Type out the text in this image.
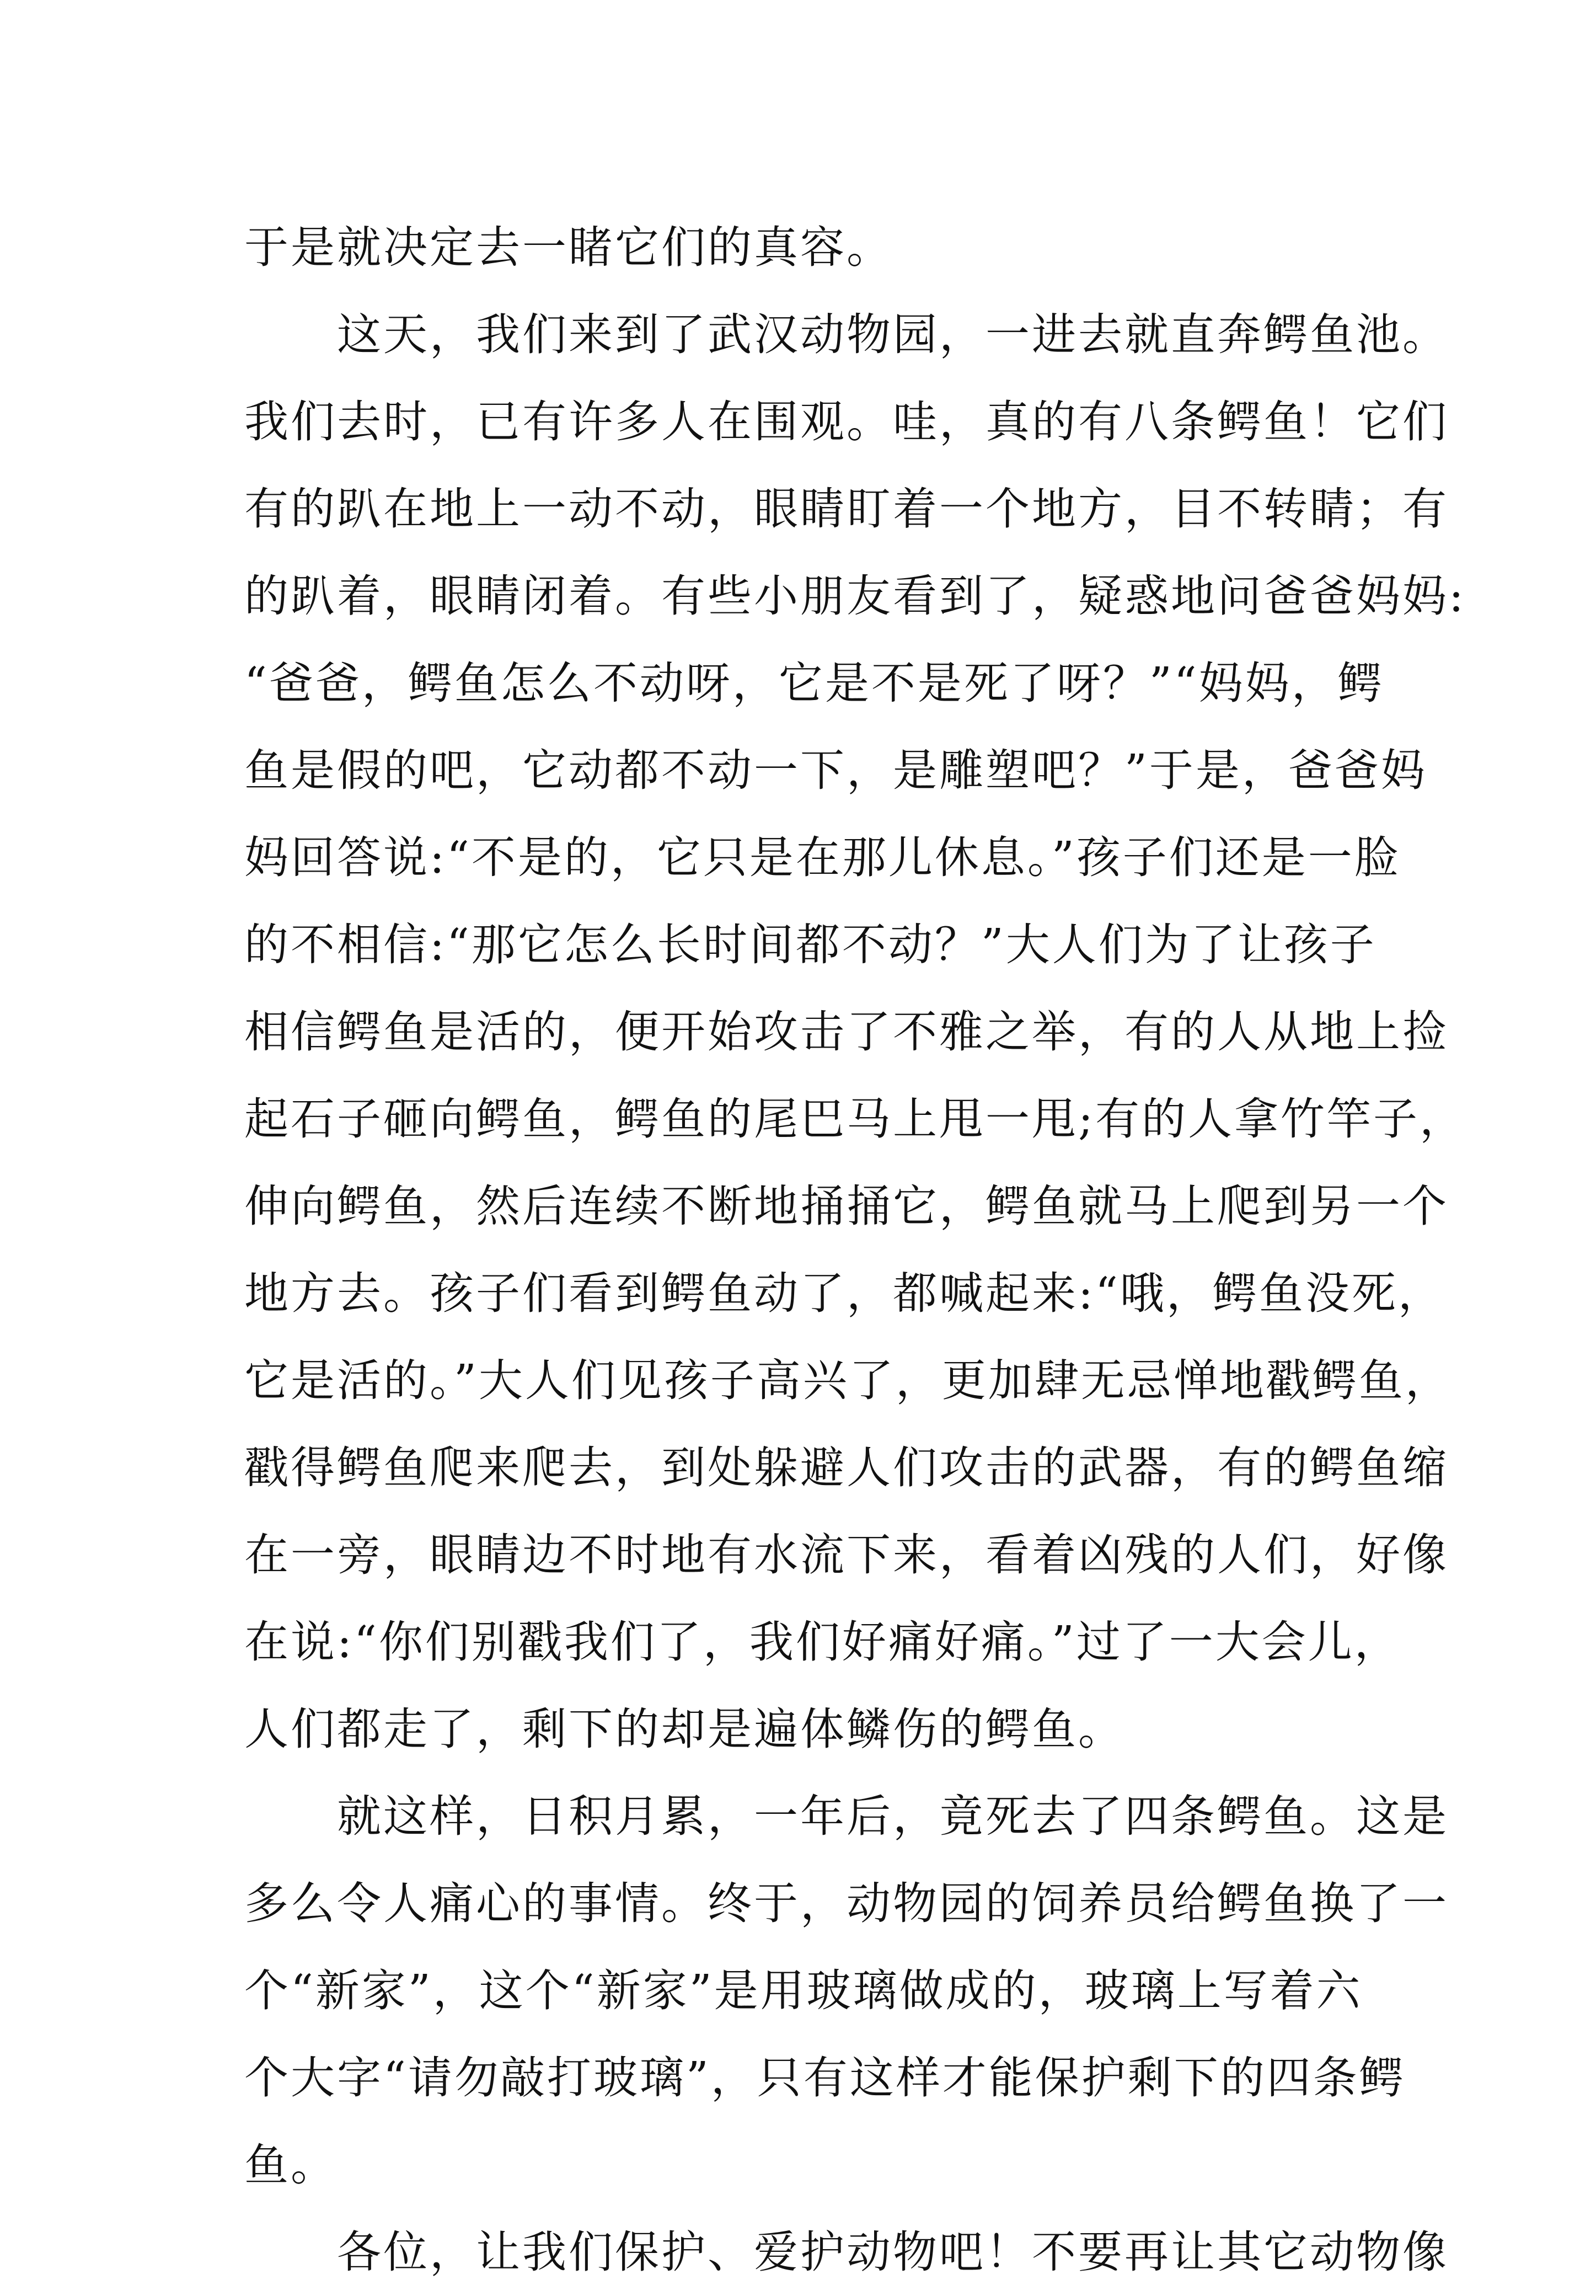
于是就决定去一睹它们的真容。
　　这天，我们来到了武汉动物园，一进去就直奔鳄鱼池。
我们去时，已有许多人在围观。哇，真的有八条鳄鱼！它们
有的趴在地上一动不动，眼睛盯着一个地方，目不转睛；有
的趴着，眼睛闭着。有些小朋友看到了，疑惑地问爸爸妈妈:
“爸爸，鳄鱼怎么不动呀，它是不是死了呀？”“妈妈，鳄
鱼是假的吧，它动都不动一下，是雕塑吧？”于是，爸爸妈
妈回答说:“不是的，它只是在那儿休息。”孩子们还是一脸
的不相信:“那它怎么长时间都不动？”大人们为了让孩子
相信鳄鱼是活的，便开始攻击了不雅之举，有的人从地上捡
起石子砸向鳄鱼，鳄鱼的尾巴马上甩一甩;有的人拿竹竿子，
伸向鳄鱼，然后连续不断地捅捅它，鳄鱼就马上爬到另一个
地方去。孩子们看到鳄鱼动了，都喊起来:“哦，鳄鱼没死，
它是活的。”大人们见孩子高兴了，更加肆无忌惮地戳鳄鱼，
戳得鳄鱼爬来爬去，到处躲避人们攻击的武器，有的鳄鱼缩
在一旁，眼睛边不时地有水流下来，看着凶残的人们，好像
在说:“你们别戳我们了，我们好痛好痛。”过了一大会儿，
人们都走了，剩下的却是遍体鳞伤的鳄鱼。
　　就这样，日积月累，一年后，竟死去了四条鳄鱼。这是
多么令人痛心的事情。终于，动物园的饲养员给鳄鱼换了一
个“新家”，这个“新家”是用玻璃做成的，玻璃上写着六
个大字“请勿敲打玻璃”，只有这样才能保护剩下的四条鳄
鱼。
　　各位，让我们保护、爱护动物吧！不要再让其它动物像
